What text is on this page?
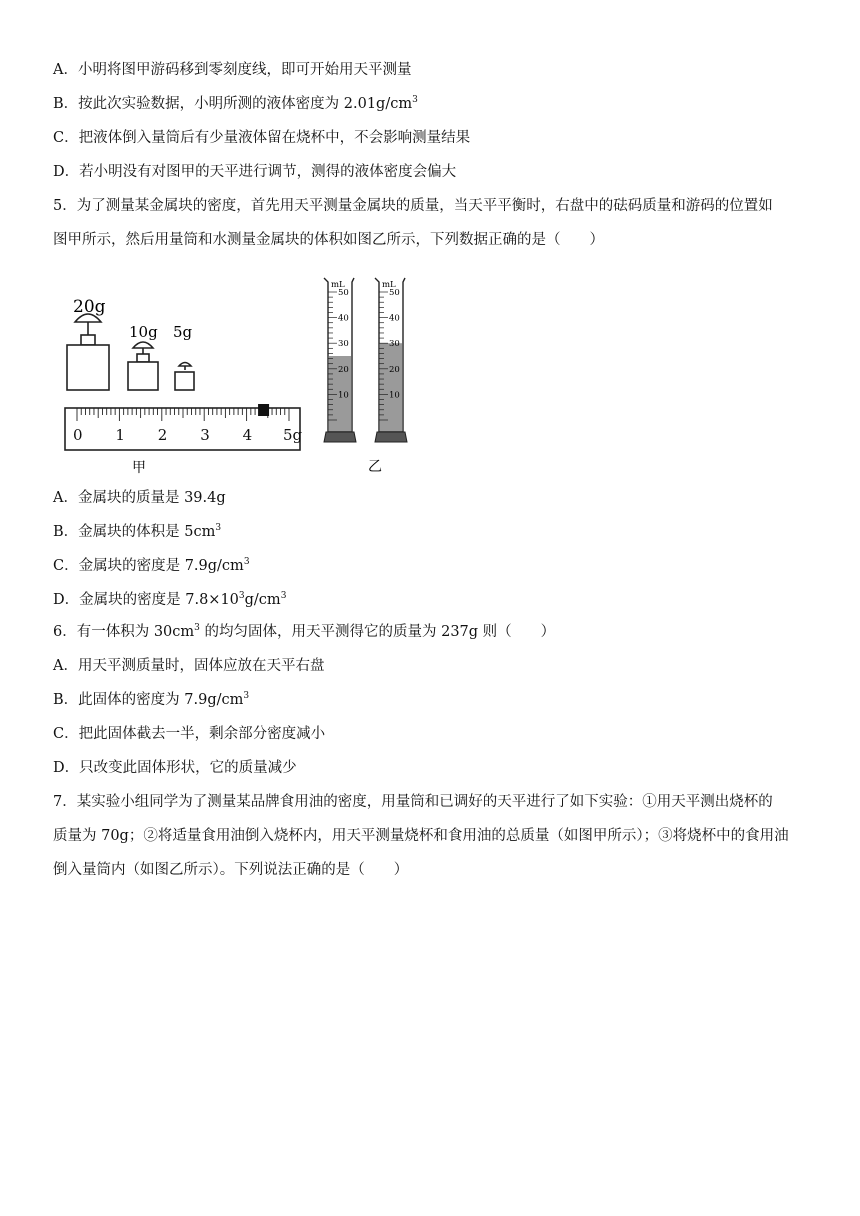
A．小明将图甲游码移到零刻度线，即可开始用天平测量
B．按此次实验数据，小明所测的液体密度为 $2.01g/cm^3$
C．把液体倒入量筒后有少量液体留在烧杯中，不会影响测量结果
D．若小明没有对图甲的天平进行调节，测得的液体密度会偏大
5．为了测量某金属块的密度，首先用天平测量金属块的质量，当天平平衡时，右盘中的砝码质量和游码的位置如
图甲所示，然后用量筒和水测量金属块的体积如图乙所示，下列数据正确的是（　　）
20g
10g 5g
0 1 2 3 4 5g
甲
mL
50
40
30
20
10
mL
50
40
30
20
10
乙
A．金属块的质量是 39.4g
B．金属块的体积是 $5cm^3$
C．金属块的密度是 $7.9g/cm^3$
D．金属块的密度是 $7.8\times 10^3g/cm^3$
6．有一体积为 $30cm^3$ 的均匀固体，用天平测得它的质量为 237g 则（　　）
A．用天平测质量时，固体应放在天平右盘
B．此固体的密度为 $7.9g/cm^3$
C．把此固体截去一半，剩余部分密度减小
D．只改变此固体形状，它的质量减少
7．某实验小组同学为了测量某品牌食用油的密度，用量筒和已调好的天平进行了如下实验：①用天平测出烧杯的
质量为 70g；②将适量食用油倒入烧杯内，用天平测量烧杯和食用油的总质量（如图甲所示）；③将烧杯中的食用油
倒入量筒内（如图乙所示）。下列说法正确的是（　　）
